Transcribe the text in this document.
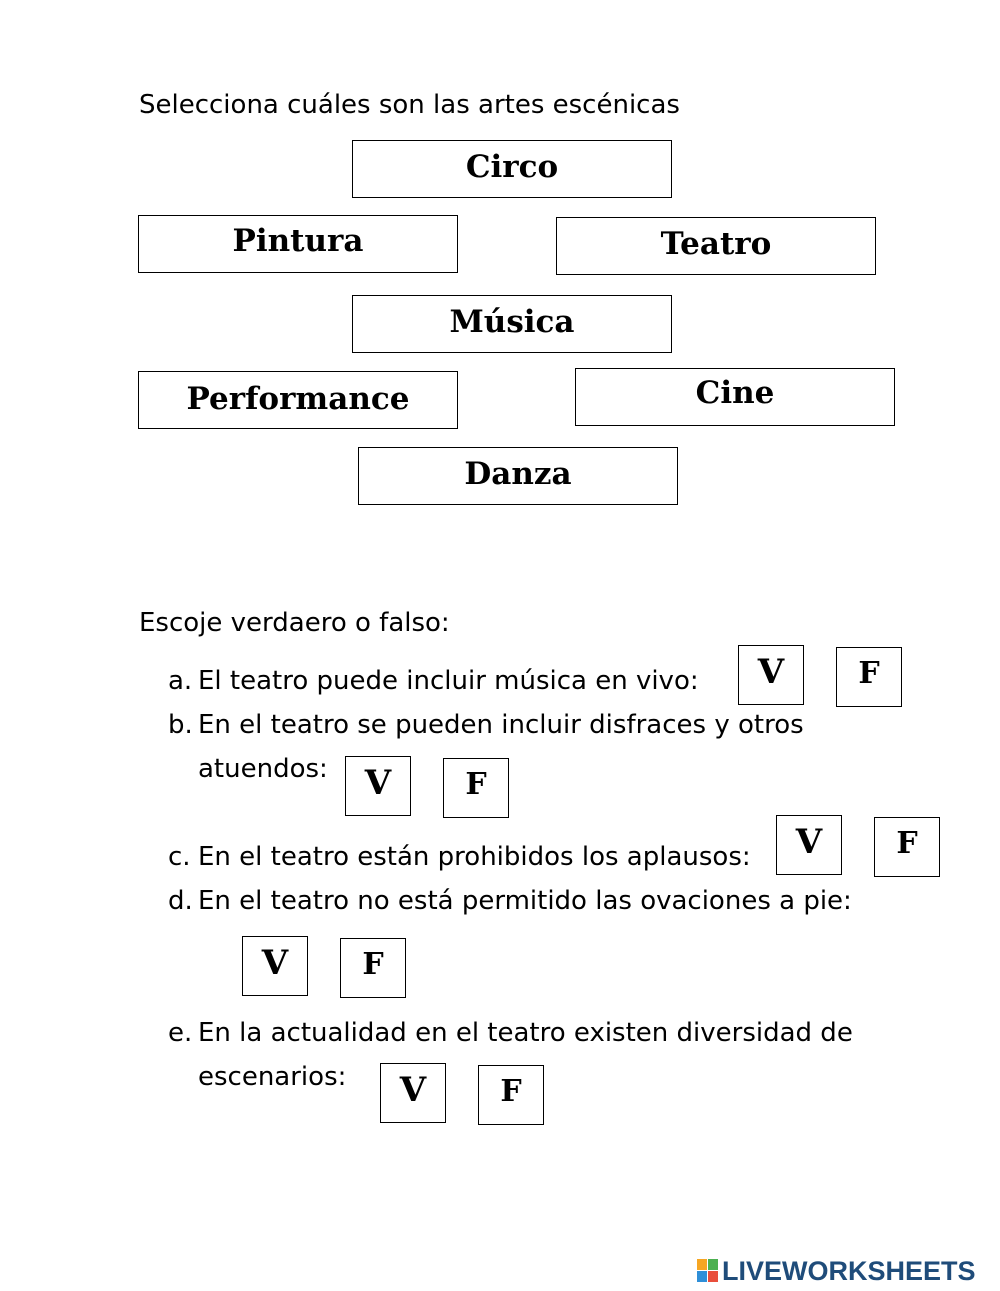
Selecciona cuáles son las artes escénicas
Circo
Pintura	Teatro
Música
Performance	Cine
Danza
Escoje verdaero o falso:
a. El teatro puede incluir música en vivo:	V	F
b. En el teatro se pueden incluir disfraces y otros
atuendos:	V	F
c. En el teatro están prohibidos los aplausos:	V	F
d. En el teatro no está permitido las ovaciones a pie:
V	F
e. En la actualidad en el teatro existen diversidad de
escenarios:	V	F
LIVEWORKSHEETS
